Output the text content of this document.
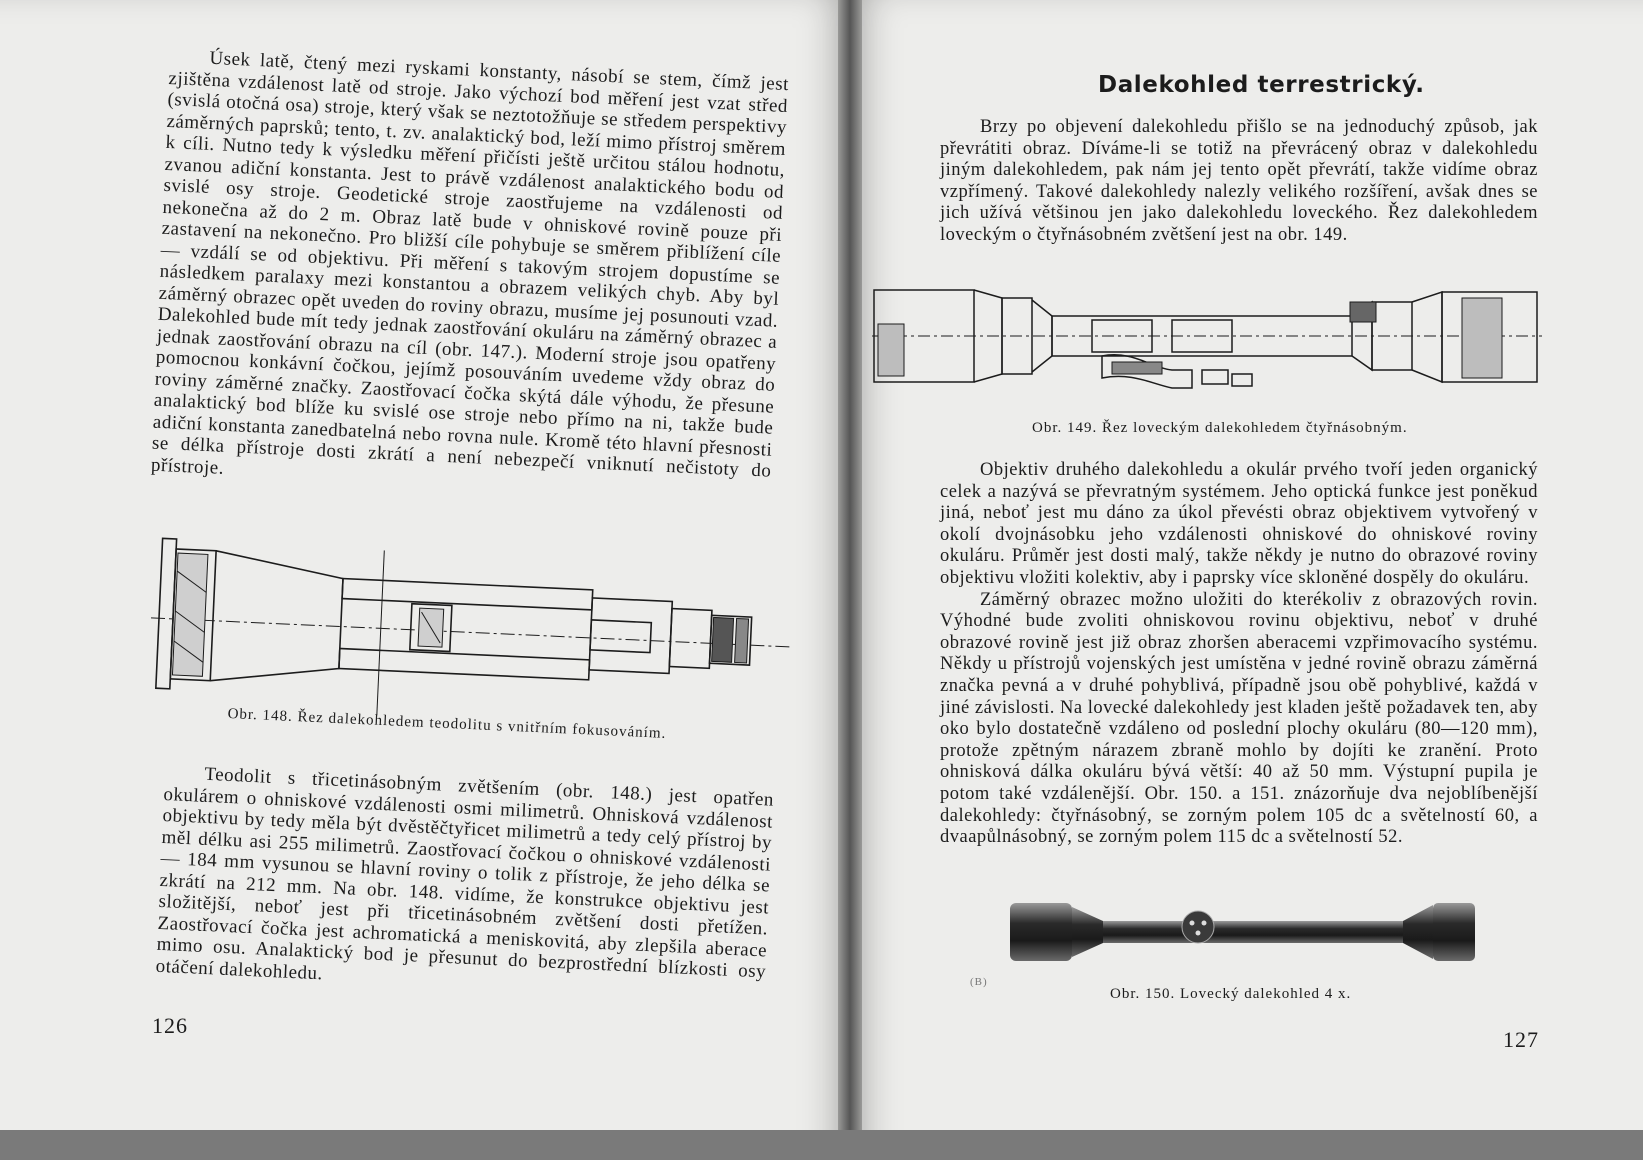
Úsek latě, čtený mezi ryskami konstanty, násobí se stem, čímž jest zjištěna vzdálenost latě od stroje. Jako výchozí bod měření jest vzat střed (svislá otočná osa) stroje, který však se neztotožňuje se středem perspektivy záměrných paprsků; tento, t. zv. analaktický bod, leží mimo přístroj směrem k cíli. Nutno tedy k výsledku měření přičísti ještě určitou stálou hodnotu, zvanou adiční konstanta. Jest to právě vzdálenost analaktického bodu od svislé osy stroje. Geodetické stroje zaostřujeme na vzdálenosti od nekonečna až do 2 m. Obraz latě bude v ohniskové rovině pouze při zastavení na nekonečno. Pro bližší cíle pohybuje se směrem přiblížení cíle — vzdálí se od objektivu. Při měření s takovým strojem dopustíme se následkem paralaxy mezi konstantou a obrazem velikých chyb. Aby byl záměrný obrazec opět uveden do roviny obrazu, musíme jej posunouti vzad. Dalekohled bude mít tedy jednak zaostřování okuláru na záměrný obrazec a jednak zaostřování obrazu na cíl (obr. 147.). Moderní stroje jsou opatřeny pomocnou konkávní čočkou, jejímž posouváním uvedeme vždy obraz do roviny záměrné značky. Zaostřovací čočka skýtá dále výhodu, že přesune analaktický bod blíže ku svislé ose stroje nebo přímo na ni, takže bude adiční konstanta zanedbatelná nebo rovna nule. Kromě této hlavní přesnosti se délka přístroje dosti zkrátí a není nebezpečí vniknutí nečistoty do přístroje.

Obr. 148. Řez dalekohledem teodolitu s vnitřním fokusováním.

Teodolit s třicetinásobným zvětšením (obr. 148.) jest opatřen okulárem o ohniskové vzdálenosti osmi milimetrů. Ohnisková vzdálenost objektivu by tedy měla být dvěstěčtyřicet milimetrů a tedy celý přístroj by měl délku asi 255 milimetrů. Zaostřovací čočkou o ohniskové vzdálenosti — 184 mm vysunou se hlavní roviny o tolik z přístroje, že jeho délka se zkrátí na 212 mm. Na obr. 148. vidíme, že konstrukce objektivu jest složitější, neboť jest při třicetinásobném zvětšení dosti přetížen. Zaostřovací čočka jest achromatická a meniskovitá, aby zlepšila aberace mimo osu. Analaktický bod je přesunut do bezprostřední blízkosti osy otáčení dalekohledu.

126
Dalekohled terrestrický.

Brzy po objevení dalekohledu přišlo se na jednoduchý způsob, jak převrátiti obraz. Díváme-li se totiž na převrácený obraz v dalekohledu jiným dalekohledem, pak nám jej tento opět převrátí, takže vidíme obraz vzpřímený. Takové dalekohledy nalezly velikého rozšíření, avšak dnes se jich užívá většinou jen jako dalekohledu loveckého. Řez dalekohledem loveckým o čtyřnásobném zvětšení jest na obr. 149.

Obr. 149. Řez loveckým dalekohledem čtyřnásobným.

Objektiv druhého dalekohledu a okulár prvého tvoří jeden organický celek a nazývá se převratným systémem. Jeho optická funkce jest poněkud jiná, neboť jest mu dáno za úkol převésti obraz objektivem vytvořený v okolí dvojnásobku jeho vzdálenosti ohniskové do ohniskové roviny okuláru. Průměr jest dosti malý, takže někdy je nutno do obrazové roviny objektivu vložiti kolektiv, aby i paprsky více skloněné dospěly do okuláru.

Záměrný obrazec možno uložiti do kterékoliv z obrazových rovin. Výhodné bude zvoliti ohniskovou rovinu objektivu, neboť v druhé obrazové rovině jest již obraz zhoršen aberacemi vzpřimovacího systému. Někdy u přístrojů vojenských jest umístěna v jedné rovině obrazu záměrná značka pevná a v druhé pohyblivá, případně jsou obě pohyblivé, každá v jiné závislosti. Na lovecké dalekohledy jest kladen ještě požadavek ten, aby oko bylo dostatečně vzdáleno od poslední plochy okuláru (80—120 mm), protože zpětným nárazem zbraně mohlo by dojíti ke zranění. Proto ohnisková dálka okuláru bývá větší: 40 až 50 mm. Výstupní pupila je potom také vzdálenější. Obr. 150. a 151. znázorňuje dva nejoblíbenější dalekohledy: čtyřnásobný, se zorným polem 105 dc a světelností 60, a dvaapůlnásobný, se zorným polem 115 dc a světelností 52.

(B)
Obr. 150. Lovecký dalekohled 4 x.
127
